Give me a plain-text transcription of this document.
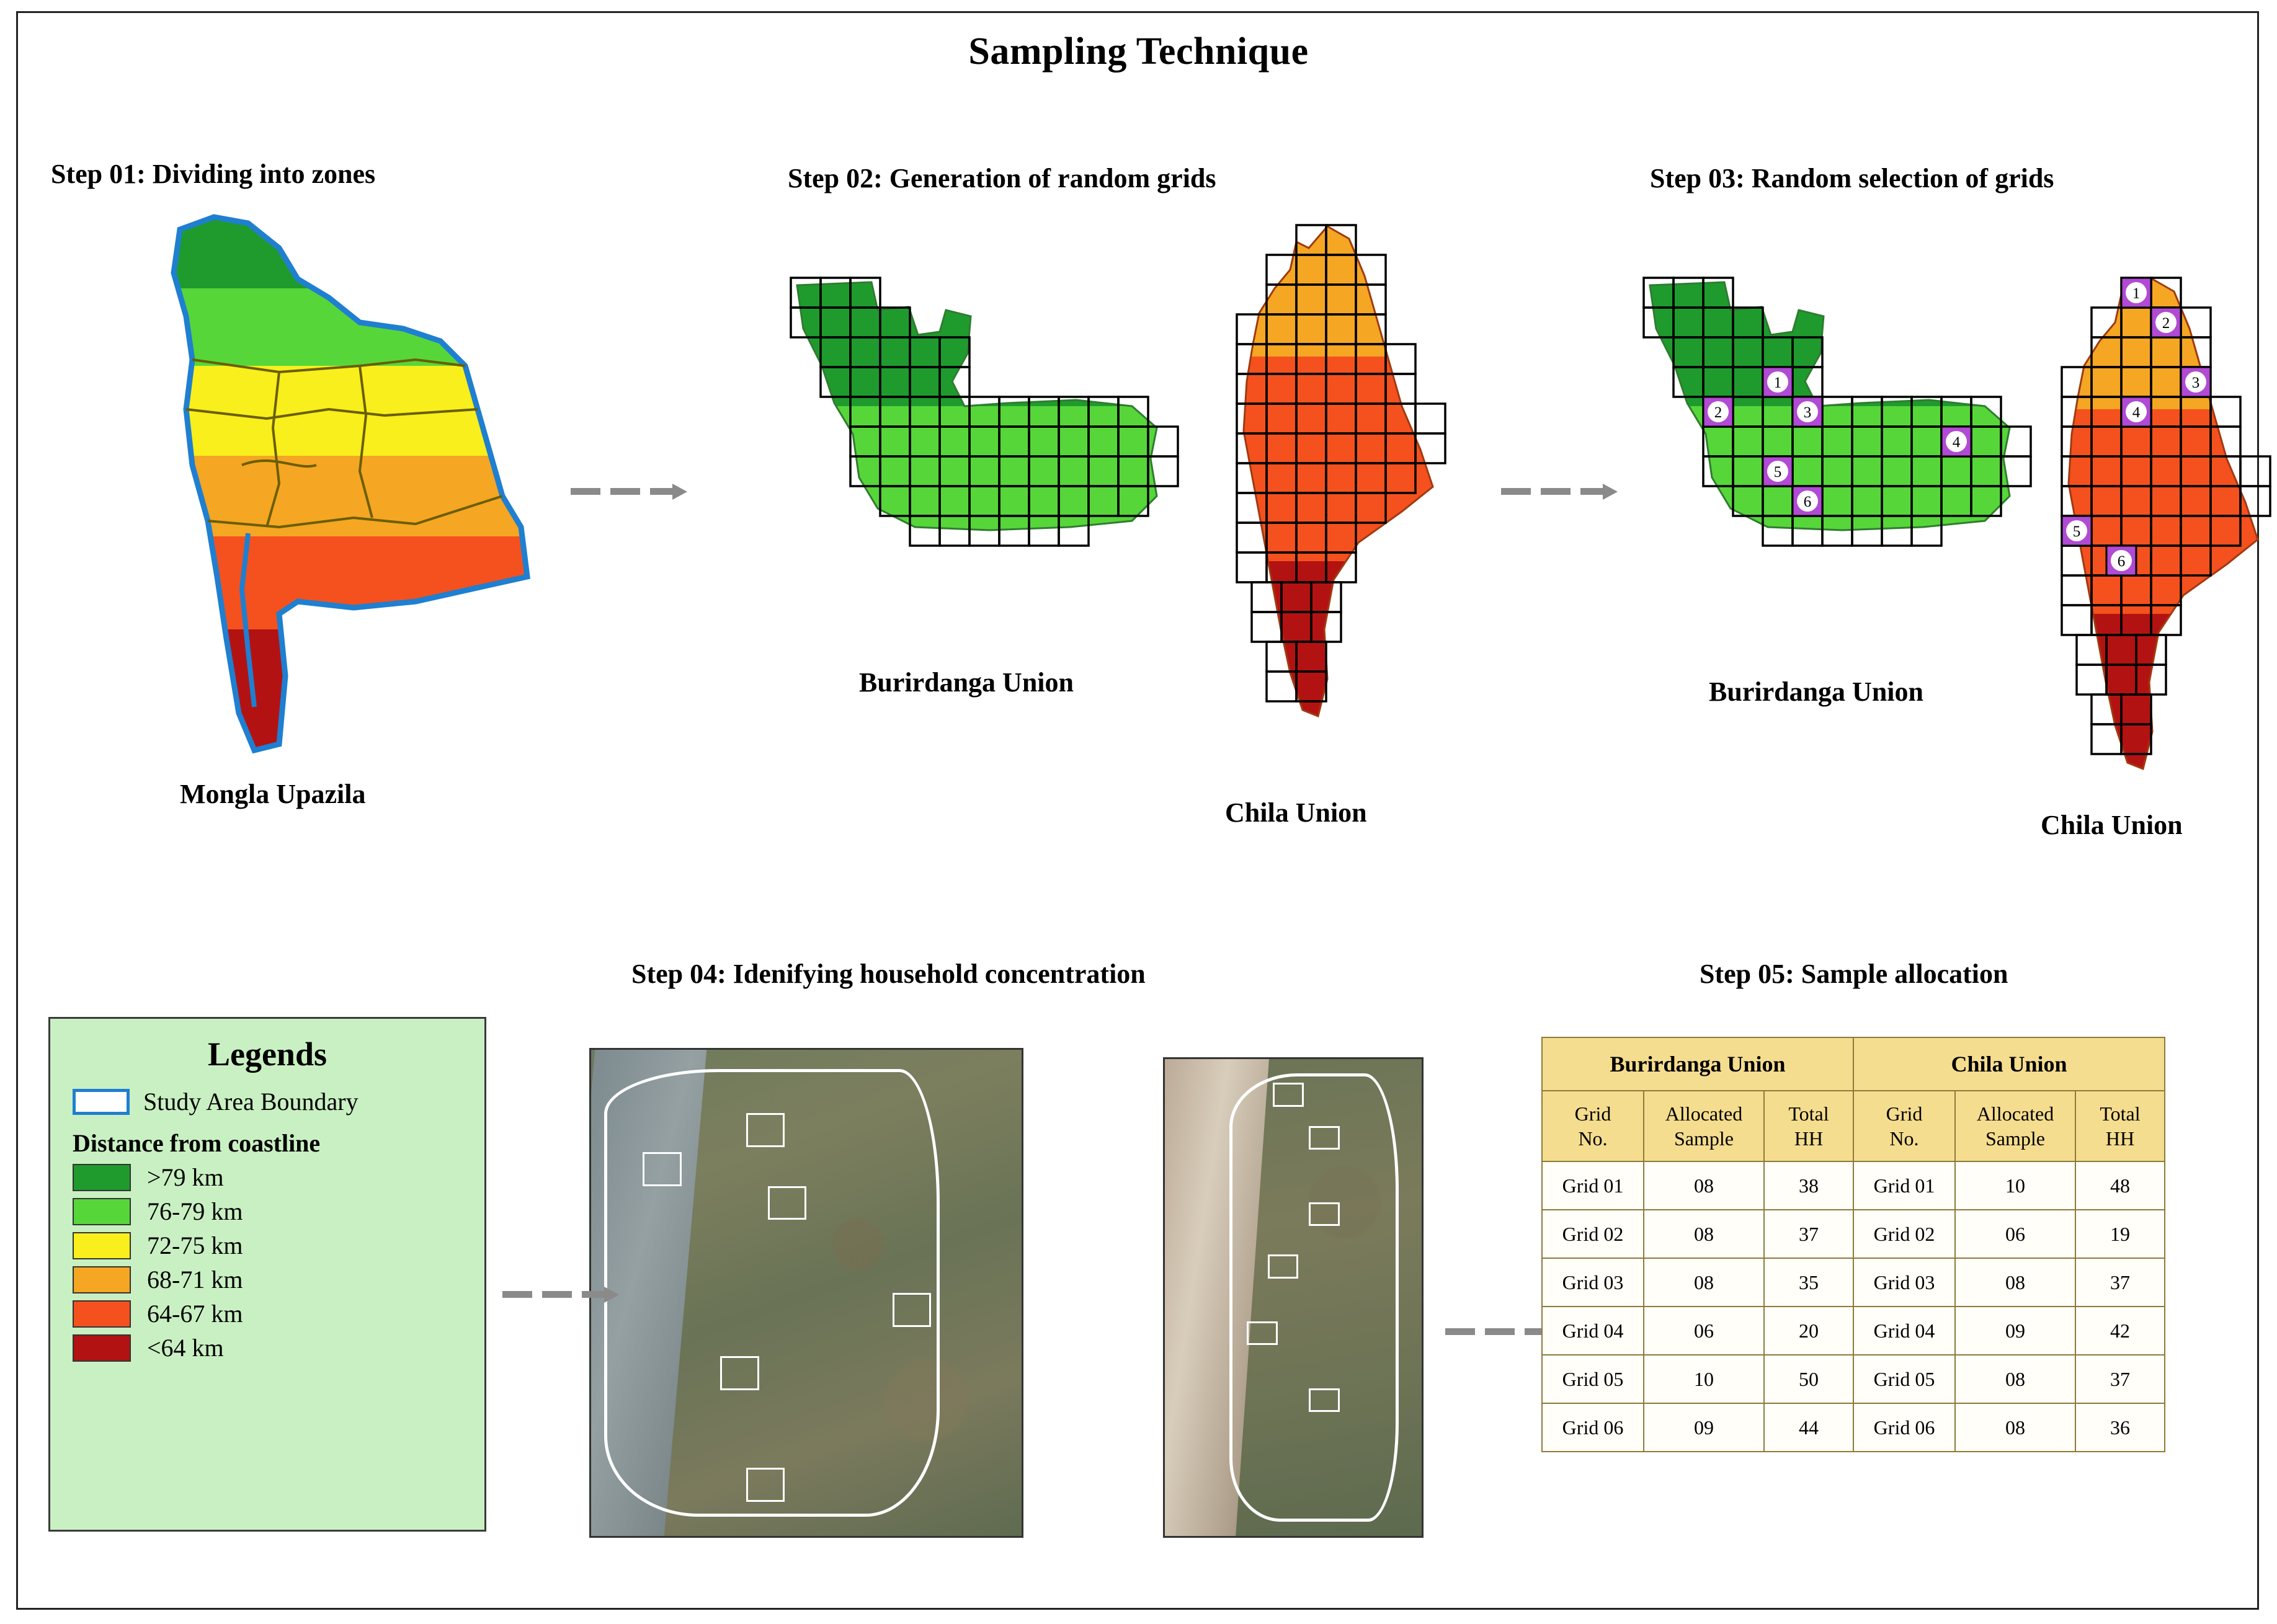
Sampling Technique
Step 01: Dividing into zones
Mongla Upazila
Step 02: Generation of random grids
Burirdanga Union
Chila Union
Step 03: Random selection of grids
1
2	3
4
5
6
Burirdanga Union
1
2
3
4
5
6
Chila Union
Step 04: Idenifying household concentration	Step 05: Sample allocation
Burirdanga Union			Chila Union		

Grid
No.

Allocated
Sample

Total
HH

Grid
No.

Allocated
Sample

Total
HH

Grid 01	08	38	Grid 01	10	48
Grid 02	08	37	Grid 02	06	19
Grid 03	08	35	Grid 03	08	37
Grid 04	06	20	Grid 04	09	42
Grid 05	10	50	Grid 05	08	37
Grid 06	09	44	Grid 06	08	36
Legends
Study Area Boundary
Distance from coastline
>79 km
76-79 km
72-75 km
68-71 km
64-67 km
<64 km
